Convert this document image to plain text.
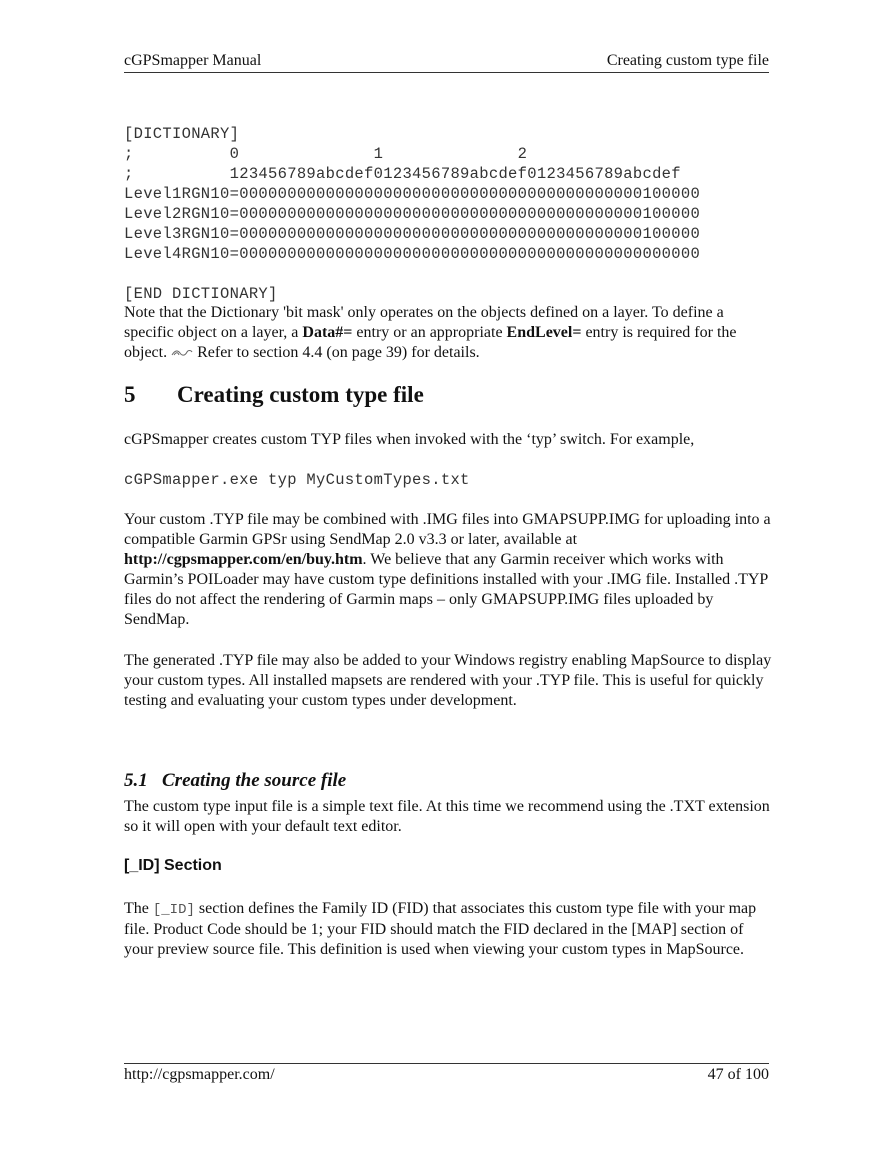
cGPSmapper Manual	Creating custom type file

[DICTIONARY]
;          0              1              2
;          123456789abcdef0123456789abcdef0123456789abcdef
Level1RGN10=000000000000000000000000000000000000000000100000
Level2RGN10=000000000000000000000000000000000000000000100000
Level3RGN10=000000000000000000000000000000000000000000100000
Level4RGN10=000000000000000000000000000000000000000000000000
[END DICTIONARY]

Note that the Dictionary 'bit mask' only operates on the objects defined on a layer. To define a specific object on a layer, a Data#= entry or an appropriate EndLevel= entry is required for the object.  Refer to section 4.4 (on page 39) for details.
5 Creating custom type file
cGPSmapper creates custom TYP files when invoked with the ‘typ’ switch. For example,
cGPSmapper.exe typ MyCustomTypes.txt
Your custom .TYP file may be combined with .IMG files into GMAPSUPP.IMG for uploading into a compatible Garmin GPSr using SendMap 2.0 v3.3 or later, available at http://cgpsmapper.com/en/buy.htm. We believe that any Garmin receiver which works with Garmin’s POILoader may have custom type definitions installed with your .IMG file. Installed .TYP files do not affect the rendering of Garmin maps – only GMAPSUPP.IMG files uploaded by SendMap.
The generated .TYP file may also be added to your Windows registry enabling MapSource to display your custom types. All installed mapsets are rendered with your .TYP file. This is useful for quickly testing and evaluating your custom types under development.
5.1 Creating the source file
The custom type input file is a simple text file. At this time we recommend using the .TXT extension so it will open with your default text editor.
[_ID] Section
The [_ID] section defines the Family ID (FID) that associates this custom type file with your map file. Product Code should be 1; your FID should match the FID declared in the [MAP] section of your preview source file. This definition is used when viewing your custom types in MapSource.
http://cgpsmapper.com/	47 of 100
